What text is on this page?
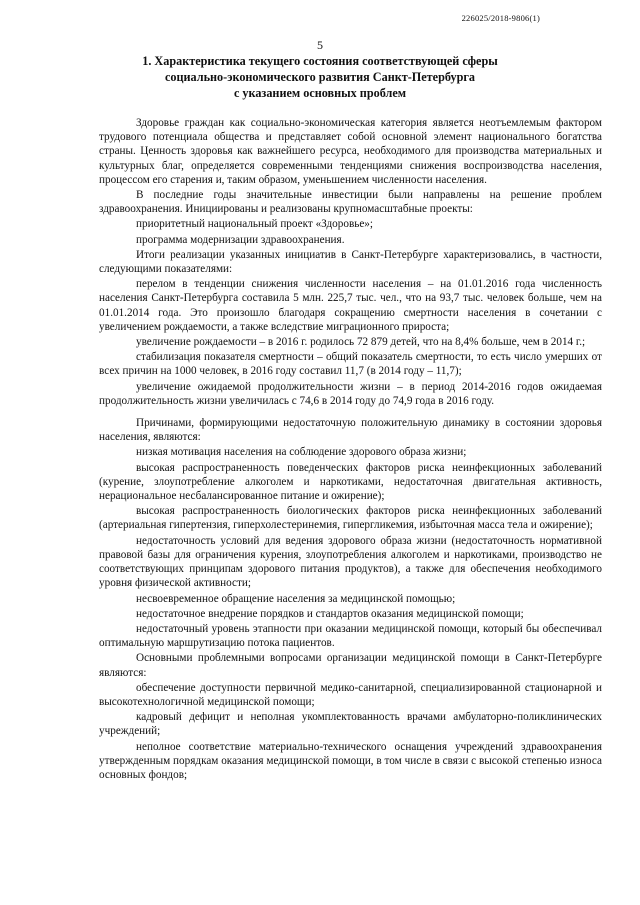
226025/2018-9806(1)
5
1. Характеристика текущего состояния соответствующей сферы
социально-экономического развития Санкт-Петербурга
с указанием основных проблем

Здоровье граждан как социально-экономическая категория является неотъемлемым фактором трудового потенциала общества и представляет собой основной элемент национального богатства страны. Ценность здоровья как важнейшего ресурса, необходимого для производства материальных и культурных благ, определяется современными тенденциями снижения воспроизводства населения, процессом его старения и, таким образом, уменьшением численности населения.

В последние годы значительные инвестиции были направлены на решение проблем здравоохранения. Инициированы и реализованы крупномасштабные проекты:

приоритетный национальный проект «Здоровье»;

программа модернизации здравоохранения.

Итоги реализации указанных инициатив в Санкт-Петербурге характеризовались, в частности, следующими показателями:

перелом в тенденции снижения численности населения – на 01.01.2016 года численность населения Санкт-Петербурга составила 5 млн. 225,7 тыс. чел., что на 93,7 тыс. человек больше, чем на 01.01.2014 года. Это произошло благодаря сокращению смертности населения в сочетании с увеличением рождаемости, а также вследствие миграционного прироста;

увеличение рождаемости – в 2016 г. родилось 72 879 детей, что на 8,4% больше, чем в 2014 г.;

стабилизация показателя смертности – общий показатель смертности, то есть число умерших от всех причин на 1000 человек, в 2016 году составил 11,7 (в 2014 году – 11,7);

увеличение ожидаемой продолжительности жизни – в период 2014-2016 годов ожидаемая продолжительность жизни увеличилась с 74,6 в 2014 году до 74,9 года в 2016 году.

Причинами, формирующими недостаточную положительную динамику в состоянии здоровья населения, являются:

низкая мотивация населения на соблюдение здорового образа жизни;

высокая распространенность поведенческих факторов риска неинфекционных заболеваний (курение, злоупотребление алкоголем и наркотиками, недостаточная двигательная активность, нерациональное несбалансированное питание и ожирение);

высокая распространенность биологических факторов риска неинфекционных заболеваний (артериальная гипертензия, гиперхолестеринемия, гипергликемия, избыточная масса тела и ожирение);

недостаточность условий для ведения здорового образа жизни (недостаточность нормативной правовой базы для ограничения курения, злоупотребления алкоголем и наркотиками, производство не соответствующих принципам здорового питания продуктов), а также для обеспечения необходимого уровня физической активности;

несвоевременное обращение населения за медицинской помощью;

недостаточное внедрение порядков и стандартов оказания медицинской помощи;

недостаточный уровень этапности при оказании медицинской помощи, который бы обеспечивал оптимальную маршрутизацию потока пациентов.

Основными проблемными вопросами организации медицинской помощи в Санкт-Петербурге являются:

обеспечение доступности первичной медико-санитарной, специализированной стационарной и высокотехнологичной медицинской помощи;

кадровый дефицит и неполная укомплектованность врачами амбулаторно-поликлинических учреждений;

неполное соответствие материально-технического оснащения учреждений здравоохранения утвержденным порядкам оказания медицинской помощи, в том числе в связи с высокой степенью износа основных фондов;
